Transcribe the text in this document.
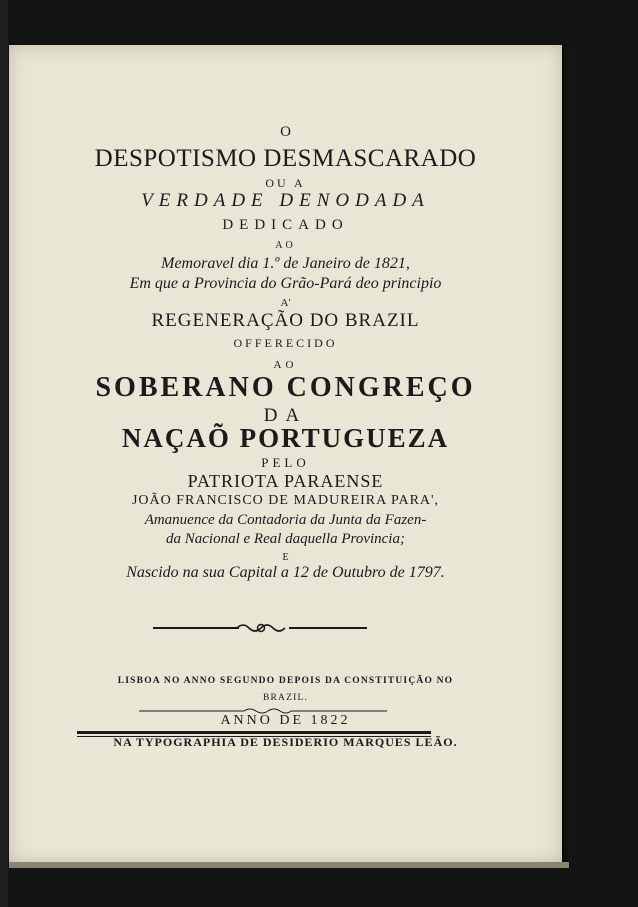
O
DESPOTISMO DESMASCARADO
OU A
VERDADE DENODADA
DEDICADO
AO
Memoravel dia 1.º de Janeiro de 1821,
Em que a Provincia do Grão-Pará deo principio
A'
REGENERAÇÃO DO BRAZIL
OFFERECIDO
AO
SOBERANO CONGREÇO
DA
NAÇAÕ PORTUGUEZA
PELO
PATRIOTA PARAENSE
JOÃO FRANCISCO DE MADUREIRA PARA',
Amanuence da Contadoria da Junta da Fazen-
da Nacional e Real daquella Provincia;
E
Nascido na sua Capital a 12 de Outubro de 1797.
LISBOA NO ANNO SEGUNDO DEPOIS DA CONSTITUIÇÃO NO
BRAZIL.
ANNO DE 1822
NA TYPOGRAPHIA DE DESIDERIO MARQUES LEÃO.
